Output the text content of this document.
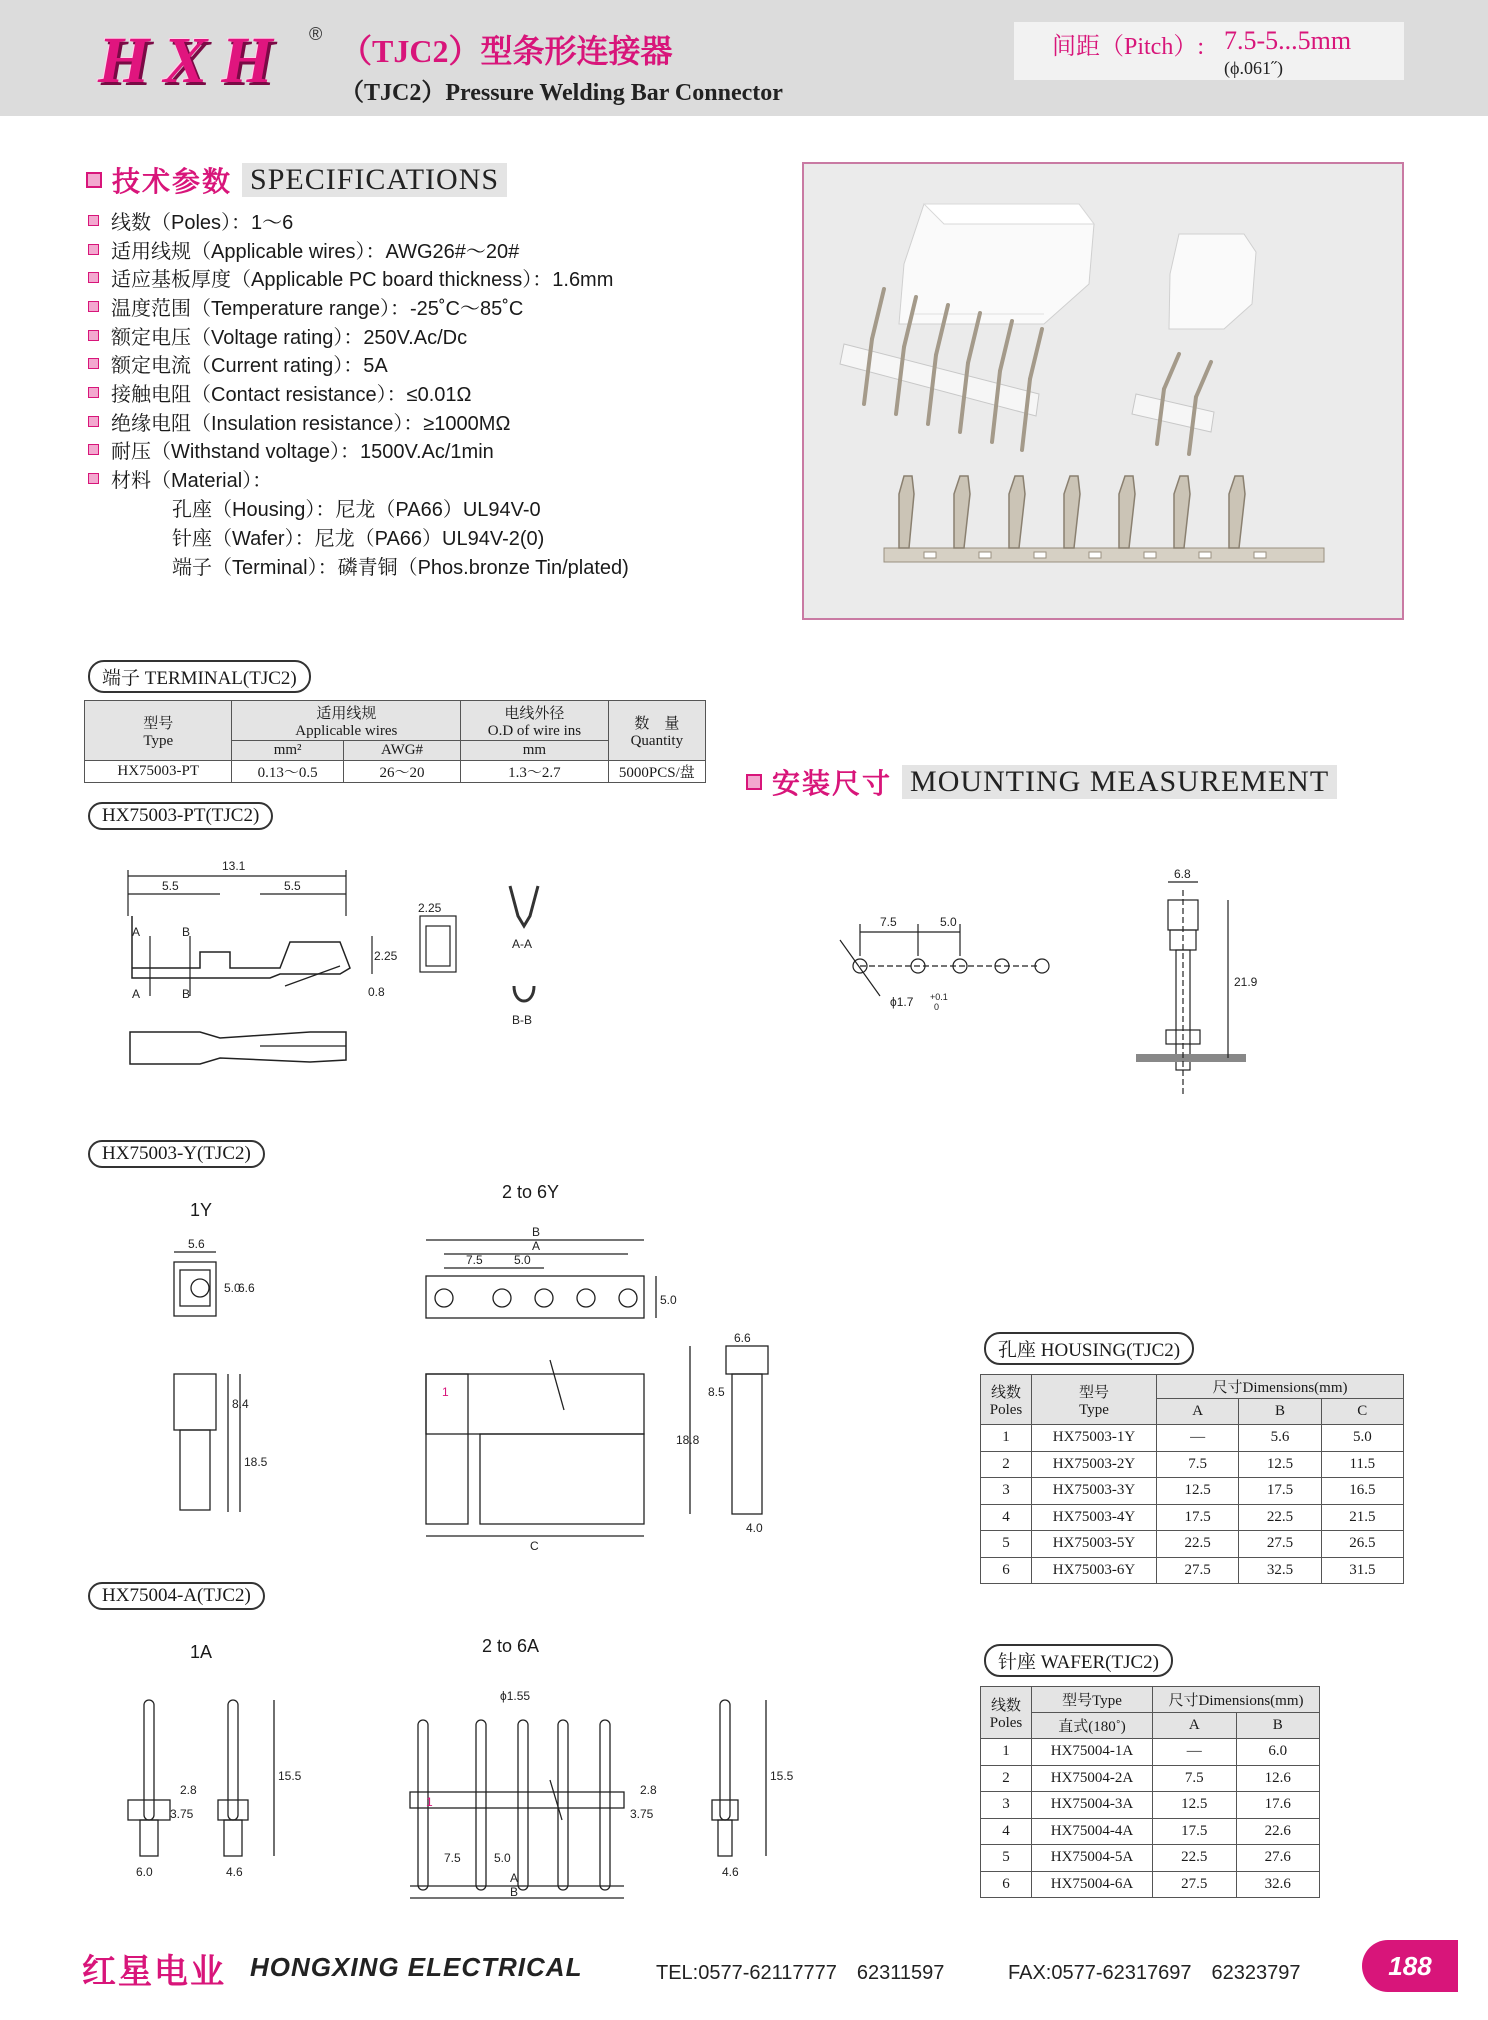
HXH ® （TJC2）型条形连接器
（TJC2）Pressure Welding Bar Connector
间距（Pitch）: 7.5-5...5mm
(ϕ.061˝)
技术参数 SPECIFICATIONS
线数（Poles）：1～6
适用线规（Applicable wires）：AWG26#～20#
适应基板厚度（Applicable PC board thickness）：1.6mm
温度范围（Temperature range）：-25˚C～85˚C
额定电压（Voltage rating）：250V.Ac/Dc
额定电流（Current rating）：5A
接触电阻（Contact resistance）：≤0.01Ω
绝缘电阻（Insulation resistance）：≥1000MΩ
耐压（Withstand voltage）：1500V.Ac/1min
材料（Material）：
孔座（Housing）：尼龙（PA66）UL94V-0
针座（Wafer）：尼龙（PA66）UL94V-2(0)
端子（Terminal）：磷青铜（Phos.bronze Tin/plated)
端子 TERMINAL(TJC2)
型号
Type	适用线规
Applicable wires		电线外径
O.D of wire ins	数　量
Quantity
	mm²	AWG#	mm	
HX75003-PT	0.13～0.5	26～20	1.3～2.7	5000PCS/盘	安装尺寸 MOUNTING MEASUREMENT
HX75003-PT(TJC2)
13.1
5.5	5.5
2.25
2.25
0.8
A
A
B
B
A-A
B-B
7.5	5.0
ϕ1.7 +0.1
0
6.8
21.9
HX75003-Y(TJC2)
1Y
2 to 6Y
5.6
5.0
6.6
8.4
18.5
B
A
7.5	5.0
5.0
1
18.8
C
6.6
8.5
4.0
孔座 HOUSING(TJC2)
线数
Poles	型号
Type	尺寸Dimensions(mm)		
		A	B	C
1	HX75003-1Y	—	5.6	5.0
2	HX75003-2Y	7.5	12.5	11.5
3	HX75003-3Y	12.5	17.5	16.5
4	HX75003-4Y	17.5	22.5	21.5
5	HX75003-5Y	22.5	27.5	26.5
6	HX75003-6Y	27.5	32.5	31.5
HX75004-A(TJC2)
1A	2 to 6A
3.75
2.8
15.5
6.0	4.6
ϕ1.55
1
7.5	5.0
A
B
3.75
2.8
15.5
4.6
针座 WAFER(TJC2)
线数
Poles	型号Type	尺寸Dimensions(mm)	
	直式(180˚)	A	B
1	HX75004-1A	—	6.0
2	HX75004-2A	7.5	12.6
3	HX75004-3A	12.5	17.6
4	HX75004-4A	17.5	22.6
5	HX75004-5A	22.5	27.6
6	HX75004-6A	27.5	32.6
红星电业 HONGXING ELECTRICAL	TEL:0577-62117777　62311597	FAX:0577-62317697　62323797	188
